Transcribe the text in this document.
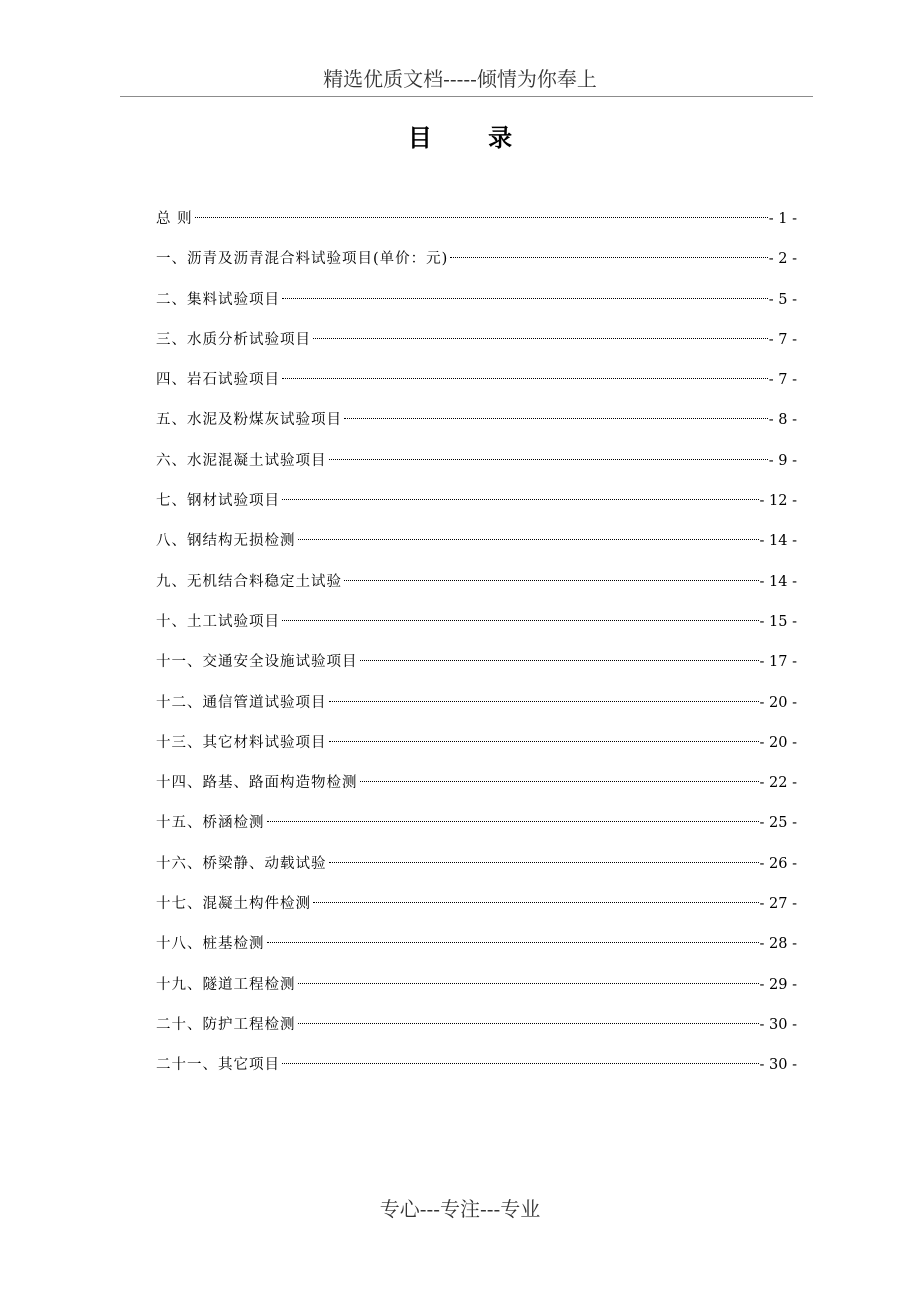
精选优质文档-----倾情为你奉上
目 录
总 则	- 1 -
一、沥青及沥青混合料试验项目(单价：元)	- 2 -
二、集料试验项目	- 5 -
三、水质分析试验项目	- 7 -
四、岩石试验项目	- 7 -
五、水泥及粉煤灰试验项目	- 8 -
六、水泥混凝土试验项目	- 9 -
七、钢材试验项目	- 12 -
八、钢结构无损检测	- 14 -
九、无机结合料稳定土试验	- 14 -
十、土工试验项目	- 15 -
十一、交通安全设施试验项目	- 17 -
十二、通信管道试验项目	- 20 -
十三、其它材料试验项目	- 20 -
十四、路基、路面构造物检测	- 22 -
十五、桥涵检测	- 25 -
十六、桥梁静、动载试验	- 26 -
十七、混凝土构件检测	- 27 -
十八、桩基检测	- 28 -
十九、隧道工程检测	- 29 -
二十、防护工程检测	- 30 -
二十一、其它项目	- 30 -
专心---专注---专业
